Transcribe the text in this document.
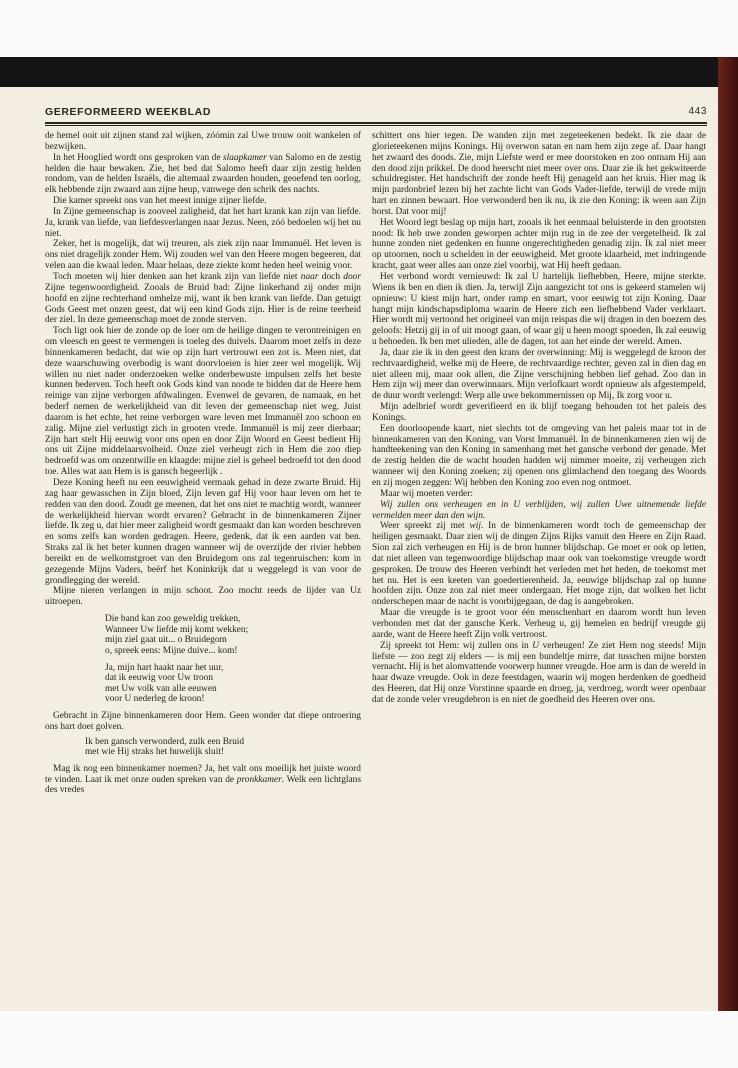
GEREFORMEERD WEEKBLAD	443

de hemel ooit uit zijnen stand zal wijken, zóómin zal Uwe trouw ooit wankelen of bezwijken.

In het Hooglied wordt ons gesproken van de slaapkamer van Salomo en de zestig helden die haar bewaken. Zie, het bed dat Salomo heeft daar zijn zestig helden rondom, van de helden Israëls, die altemaal zwaarden houden, geoefend ten oorlog, elk hebbende zijn zwaard aan zijne heup, vanwege den schrik des nachts.

Die kamer spreekt ons van het meest innige zijner liefde.

In Zijne gemeenschap is zooveel zaligheid, dat het hart krank kan zijn van liefde. Ja, krank van liefde, van liefdesverlangen naar Jezus. Neen, zóó bedoelen wij het nu niet.

Zeker, het is mogelijk, dat wij treuren, als ziek zijn naar Immanuël. Het leven is ons niet dragelijk zonder Hem. Wij zouden wel van den Heere mogen begeeren, dat velen aan die kwaal leden. Maar helaas, deze ziekte komt heden heel weinig voor.

Toch moeten wij hier denken aan het krank zijn van liefde niet naar doch door Zijne tegenwoordigheid. Zooals de Bruid bad: Zijne linkerhand zij onder mijn hoofd en zijne rechterhand omhelze mij, want ik ben krank van liefde. Dan getuigt Gods Geest met onzen geest, dat wij een kind Gods zijn. Hier is de reine teerheid der ziel. In deze gemeenschap moet de zonde sterven.

Toch ligt ook hier de zonde op de loer om de heilige dingen te verontreinigen en om vleesch en geest te vermengen is toeleg des duivels. Daarom moet zelfs in deze binnenkameren bedacht, dat wie op zijn hart vertrouwt een zot is. Meen niet, dat deze waarschuwing overbodig is want doorvloeien is hier zeer wel mogelijk. Wij willen nu niet nader onderzoeken welke onderbewuste impulsen zelfs het beste kunnen bederven. Toch heeft ook Gods kind van noode te bidden dat de Heere hem reinige van zijne verborgen afdwalingen. Evenwel de gevaren, de namaak, en het bederf nemen de werkelijkheid van dit leven der gemeenschap niet weg. Juist daarom is het echte, het reine verborgen ware leven met Immanuël zoo schoon en zalig. Mijne ziel verlustigt zich in grooten vrede. Immanuël is mij zeer dierbaar; Zijn hart stelt Hij eeuwig voor ons open en door Zijn Woord en Geest bedient Hij ons uit Zijne middelaarsvolheid. Onze ziel verheugt zich in Hem die zoo diep bedroefd was om onzentwille en klaagde: mijne ziel is geheel bedroefd tot den dood toe. Alles wat aan Hem is is gansch begeerlijk .

Deze Koning heeft nu een eeuwigheid vermaak gehad in deze zwarte Bruid. Hij zag haar gewasschen in Zijn bloed, Zijn leven gaf Hij voor haar leven om het te redden van den dood. Zoudt ge meenen, dat het ons niet te machtig wordt, wanneer de werkelijkheid hiervan wordt ervaren? Gebracht in de binnenkameren Zijner liefde. Ik zeg u, dat hier meer zaligheid wordt gesmaakt dan kan worden beschreven en soms zelfs kan worden gedragen. Heere, gedenk, dat ik een aarden vat ben. Straks zal ik het beter kunnen dragen wanneer wij de overzijde der rivier hebben bereikt en de welkomstgroet van den Bruidegom ons zal tegenruischen: kom in gezegende Mijns Vaders, beërf het Koninkrijk dat u weggelegd is van voor de grondlegging der wereld.

Mijne nieren verlangen in mijn schoot. Zoo mocht reeds de lijder van Uz uitroepen.

Die band kan zoo geweldig trekken,
Wanneer Uw liefde mij komt wekken;
mijn ziel gaat uit... o Bruidegom
o, spreek eens: Mijne duive... kom!
Ja, mijn hart haakt naar het uur,
dat ik eeuwig voor Uw troon
met Uw volk van alle eeuwen
voor U nederleg de kroon!

Gebracht in Zijne binnenkameren door Hem. Geen wonder dat diepe ontroering ons hart doet golven.

Ik ben gansch verwonderd, zulk een Bruid
met wie Hij straks het huwelijk sluit!

Mag ik nog een binnenkamer noemen? Ja, het valt ons moeilijk het juiste woord te vinden. Laat ik met onze ouden spreken van de pronkkamer. Welk een lichtglans des vredes

schittert ons hier tegen. De wanden zijn met zegeteekenen bedekt. Ik zie daar de glorieteekenen mijns Konings. Hij overwon satan en nam hem zijn zege af. Daar hangt het zwaard des doods. Zie, mijn Liefste werd er mee doorstoken en zoo ontnam Hij aan den dood zijn prikkel. De dood heerscht niet meer over ons. Daar zie ik het gekwiteerde schuldregister. Het handschrift der zonde heeft Hij genageld aan het kruis. Hier mag ik mijn pardonbrief lezen bij het zachte licht van Gods Vader-liefde, terwijl de vrede mijn hart en zinnen bewaart. Hoe verwonderd ben ik nu, ik zie den Koning: ik ween aan Zijn borst. Dat voor mij!

Het Woord legt beslag op mijn hart, zooals ik het eenmaal beluisterde in den grootsten nood: Ik heb uwe zonden geworpen achter mijn rug in de zee der vergetelheid. Ik zal hunne zonden niet gedenken en hunne ongerechtigheden genadig zijn. Ik zal niet meer op utoornen, noch u schelden in der eeuwigheid. Met groote klaarheid, met indringende kracht, gaat weer alles aan onze ziel voorbij, wat Hij heeft gedaan.

Het verbond wordt vernieuwd: Ik zal U hartelijk liefhebben, Heere, mijne sterkte. Wiens ik ben en dien ik dien. Ja, terwijl Zijn aangezicht tot ons is gekeerd stamelen wij opnieuw: U kiest mijn hart, onder ramp en smart, voor eeuwig tot zijn Koning. Daar hangt mijn kindschapsdiploma waarin de Heere zich een liefhebbend Vader verklaart. Hier wordt mij vertoond het origineel van mijn reispas die wij dragen in den boezem des geloofs: Hetzij gij in of uit moogt gaan, of waar gij u heen moogt spoeden, Ik zal eeuwig u behoeden. Ik ben met ulieden, alle de dagen, tot aan het einde der wereld. Amen.

Ja, daar zie ik in den geest den krans der overwinning: Mij is weggelegd de kroon der rechtvaardigheid, welke mij de Heere, de rechtvaardige rechter, geven zal in dien dag en niet alleen mij, maar ook allen, die Zijne verschijning hebben lief gehad. Zoo dan in Hem zijn wij meer dan overwinnaars. Mijn verlofkaart wordt opnieuw als afgestempeld, de duur wordt verlengd: Werp alle uwe bekommernissen op Mij, Ik zorg voor u.

Mijn adelbrief wordt geverifieerd en ik blijf toegang behouden tot het paleis des Konings.

Een doorloopende kaart, niet slechts tot de omgeving van het paleis maar tot in de binnenkameren van den Koning, van Vorst Immanuël. In de binnenkameren zien wij de handteekening van den Koning in samenhang met het gansche verbond der genade. Met de zestig helden die de wacht houden hadden wij nimmer moeite, zij verheugen zich wanneer wij den Koning zoeken; zij openen ons glimlachend den toegang des Woords en zij mogen zeggen: Wij hebben den Koning zoo even nog ontmoet.

Maar wij moeten verder:

Wij zullen ons verheugen en in U verblijden, wij zullen Uwe uitnemende liefde vermelden meer dan den wijn.

Weer spreekt zij met wij. In de binnenkameren wordt toch de gemeenschap der heiligen gesmaakt. Daar zien wij de dingen Zijns Rijks vanuit den Heere en Zijn Raad. Sion zal zich verheugen en Hij is de bron hunner blijdschap. Ge moet er ook op letten, dat niet alleen van tegenwoordige blijdschap maar ook van toekomstige vreugde wordt gesproken. De trouw des Heeren verbindt het verleden met het heden, de toekomst met het nu. Het is een keeten van goedertierenheid. Ja, eeuwige blijdschap zal op hunne hoofden zijn. Onze zon zal niet meer ondergaan. Het moge zijn, dat wolken het licht onderschepen maar de nacht is voorbijgegaan, de dag is aangebroken.

Maar die vreugde is te groot voor één menschenhart en daarom wordt hun leven verbonden met dat der gansche Kerk. Verheug u, gij hemelen en bedrijf vreugde gij aarde, want de Heere heeft Zijn volk vertroost.

Zij spreekt tot Hem: wij zullen ons in U verheugen! Ze ziet Hem nog steeds! Mijn liefste — zoo zegt zij elders — is mij een bundeltje mirre, dat tusschen mijne borsten vernacht. Hij is het alomvattende voorwerp hunner vreugde. Hoe arm is dan de wereld in haar dwaze vreugde. Ook in deze feestdagen, waarin wij mogen herdenken de goedheid des Heeren, dat Hij onze Vorstinne spaarde en droeg, ja, verdroeg, wordt weer openbaar dat de zonde veler vreugdebron is en niet de goedheid des Heeren over ons.
